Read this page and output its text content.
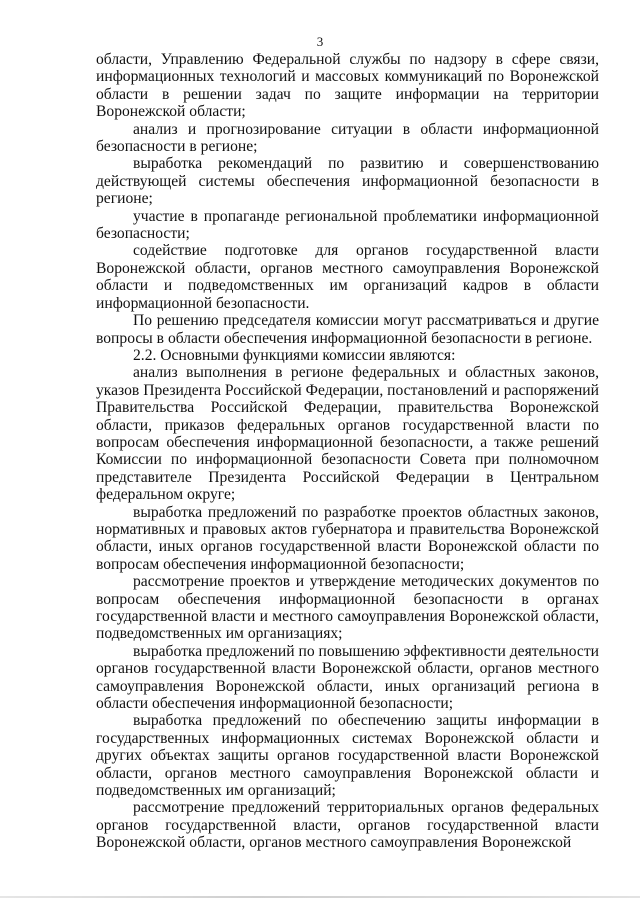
3

области, Управлению Федеральной службы по надзору в сфере связи, информационных технологий и массовых коммуникаций по Воронежской области в решении задач по защите информации на территории Воронежской области;

анализ и прогнозирование ситуации в области информационной безопасности в регионе;

выработка рекомендаций по развитию и совершенствованию действующей системы обеспечения информационной безопасности в регионе;

участие в пропаганде региональной проблематики информационной безопасности;

содействие подготовке для органов государственной власти Воронежской области, органов местного самоуправления Воронежской области и подведомственных им организаций кадров в области информационной безопасности.

По решению председателя комиссии могут рассматриваться и другие вопросы в области обеспечения информационной безопасности в регионе.

2.2. Основными функциями комиссии являются:

анализ выполнения в регионе федеральных и областных законов, указов Президента Российской Федерации, постановлений и распоряжений Правительства Российской Федерации, правительства Воронежской области, приказов федеральных органов государственной власти по вопросам обеспечения информационной безопасности, а также решений Комиссии по информационной безопасности Совета при полномочном представителе Президента Российской Федерации в Центральном федеральном округе;

выработка предложений по разработке проектов областных законов, нормативных и правовых актов губернатора и правительства Воронежской области, иных органов государственной власти Воронежской области по вопросам обеспечения информационной безопасности;

рассмотрение проектов и утверждение методических документов по вопросам обеспечения информационной безопасности в органах государственной власти и местного самоуправления Воронежской области, подведомственных им организациях;

выработка предложений по повышению эффективности деятельности органов государственной власти Воронежской области, органов местного самоуправления Воронежской области, иных организаций региона в области обеспечения информационной безопасности;

выработка предложений по обеспечению защиты информации в государственных информационных системах Воронежской области и других объектах защиты органов государственной власти Воронежской области, органов местного самоуправления Воронежской области и подведомственных им организаций;

рассмотрение предложений территориальных органов федеральных органов государственной власти, органов государственной власти Воронежской области, органов местного самоуправления Воронежской
